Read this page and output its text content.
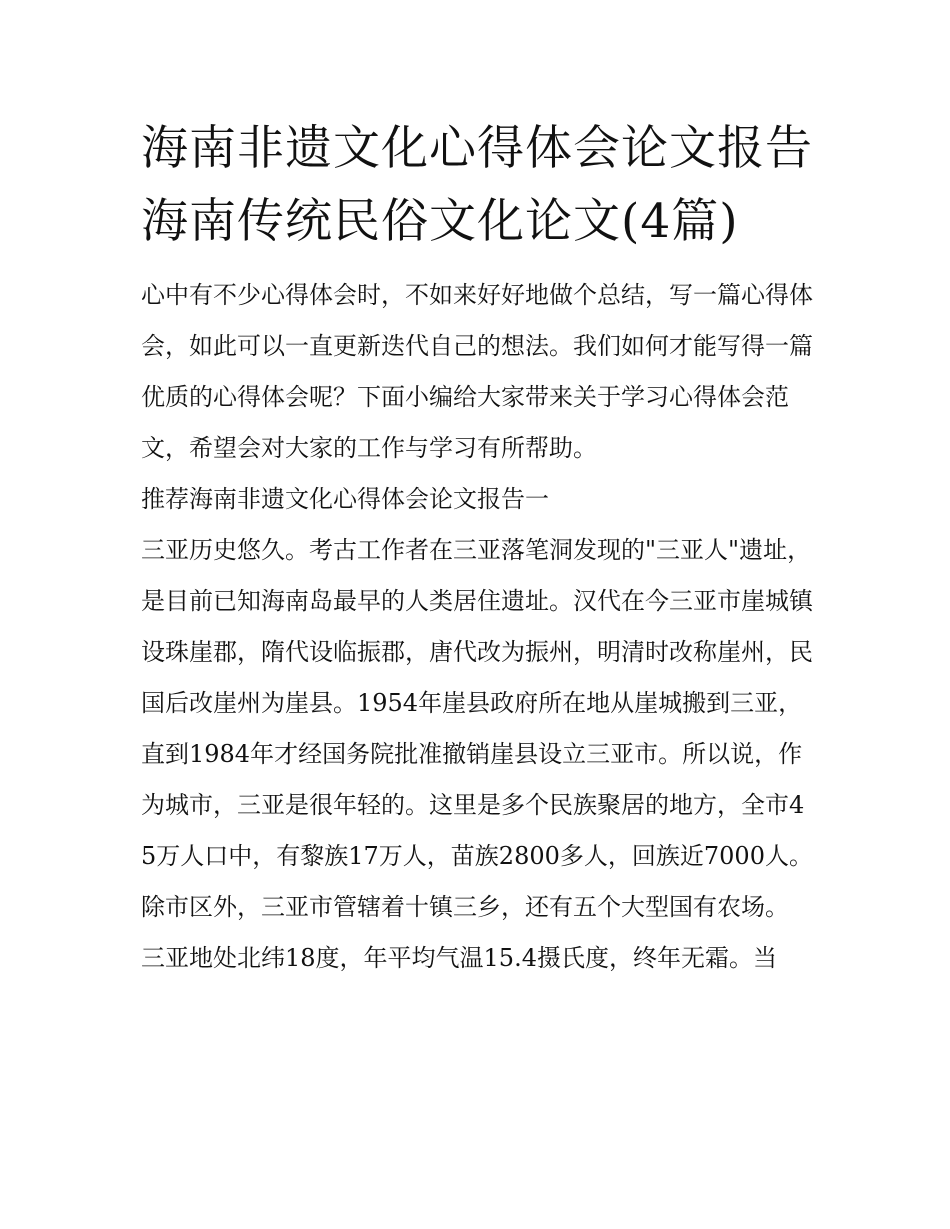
海南非遗文化心得体会论文报告 海南传统民俗文化论文(4篇)

心中有不少心得体会时，不如来好好地做个总结，写一篇心得体会，如此可以一直更新迭代自己的想法。我们如何才能写得一篇优质的心得体会呢？下面小编给大家带来关于学习心得体会范文，希望会对大家的工作与学习有所帮助。

推荐海南非遗文化心得体会论文报告一

三亚历史悠久。考古工作者在三亚落笔洞发现的"三亚人"遗址，是目前已知海南岛最早的人类居住遗址。汉代在今三亚市崖城镇设珠崖郡，隋代设临振郡，唐代改为振州，明清时改称崖州，民国后改崖州为崖县。1954年崖县政府所在地从崖城搬到三亚，直到1984年才经国务院批准撤销崖县设立三亚市。所以说，作为城市，三亚是很年轻的。这里是多个民族聚居的地方，全市45万人口中，有黎族17万人，苗族2800多人，回族近7000人。除市区外，三亚市管辖着十镇三乡，还有五个大型国有农场。

三亚地处北纬18度，年平均气温15.4摄氏度，终年无霜。当
